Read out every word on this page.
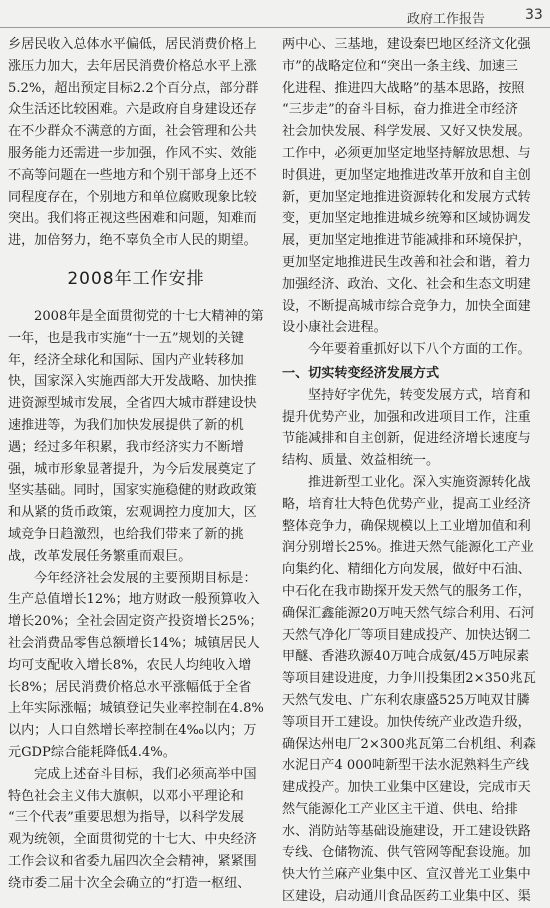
政府工作报告	33
乡居民收入总体水平偏低，居民消费价格上
涨压力加大，去年居民消费价格总水平上涨
5.2%，超出预定目标2.2个百分点，部分群
众生活还比较困难。六是政府自身建设还存
在不少群众不满意的方面，社会管理和公共
服务能力还需进一步加强，作风不实、效能
不高等问题在一些地方和个别干部身上还不
同程度存在，个别地方和单位腐败现象比较
突出。我们将正视这些困难和问题，知难而
进，加倍努力，绝不辜负全市人民的期望。
2008年工作安排
2008年是全面贯彻党的十七大精神的第
一年，也是我市实施“十一五”规划的关键
年，经济全球化和国际、国内产业转移加
快，国家深入实施西部大开发战略、加快推
进资源型城市发展，全省四大城市群建设快
速推进等，为我们加快发展提供了新的机
遇；经过多年积累，我市经济实力不断增
强，城市形象显著提升，为今后发展奠定了
坚实基础。同时，国家实施稳健的财政政策
和从紧的货币政策，宏观调控力度加大，区
域竞争日趋激烈，也给我们带来了新的挑
战，改革发展任务繁重而艰巨。
今年经济社会发展的主要预期目标是：
生产总值增长12%；地方财政一般预算收入
增长20%；全社会固定资产投资增长25%；
社会消费品零售总额增长14%；城镇居民人
均可支配收入增长8%，农民人均纯收入增
长8%；居民消费价格总水平涨幅低于全省
上年实际涨幅；城镇登记失业率控制在4.8%
以内；人口自然增长率控制在4‰以内；万
元GDP综合能耗降低4.4%。
完成上述奋斗目标，我们必须高举中国
特色社会主义伟大旗帜，以邓小平理论和
“三个代表”重要思想为指导，以科学发展
观为统领，全面贯彻党的十七大、中央经济
工作会议和省委九届四次全会精神，紧紧围
绕市委二届十次全会确立的“打造一枢纽、
两中心、三基地，建设秦巴地区经济文化强
市”的战略定位和“突出一条主线、加速三
化进程、推进四大战略”的基本思路，按照
“三步走”的奋斗目标，奋力推进全市经济
社会加快发展、科学发展、又好又快发展。
工作中，必须更加坚定地坚持解放思想、与
时俱进，更加坚定地推进改革开放和自主创
新，更加坚定地推进资源转化和发展方式转
变，更加坚定地推进城乡统筹和区域协调发
展，更加坚定地推进节能减排和环境保护，
更加坚定地推进民生改善和社会和谐，着力
加强经济、政治、文化、社会和生态文明建
设，不断提高城市综合竞争力，加快全面建
设小康社会进程。
今年要着重抓好以下八个方面的工作。
一、切实转变经济发展方式
坚持好字优先，转变发展方式，培育和
提升优势产业，加强和改进项目工作，注重
节能减排和自主创新，促进经济增长速度与
结构、质量、效益相统一。
推进新型工业化。深入实施资源转化战
略，培育壮大特色优势产业，提高工业经济
整体竞争力，确保规模以上工业增加值和利
润分别增长25%。推进天然气能源化工产业
向集约化、精细化方向发展，做好中石油、
中石化在我市勘探开发天然气的服务工作，
确保汇鑫能源20万吨天然气综合利用、石河
天然气净化厂等项目建成投产、加快达钢二
甲醚、香港玖源40万吨合成氨/45万吨尿素
等项目建设进度，力争川投集团2×350兆瓦
天然气发电、广东利农康盛525万吨双甘膦
等项目开工建设。加快传统产业改造升级，
确保达州电厂2×300兆瓦第二台机组、利森
水泥日产4 000吨新型干法水泥熟料生产线
建成投产。加快工业集中区建设，完成市天
然气能源化工产业区主干道、供电、给排
水、消防站等基础设施建设，开工建设铁路
专线、仓储物流、供气管网等配套设施。加
快大竹兰麻产业集中区、宣汉普光工业集中
区建设，启动通川食品医药工业集中区、渠
